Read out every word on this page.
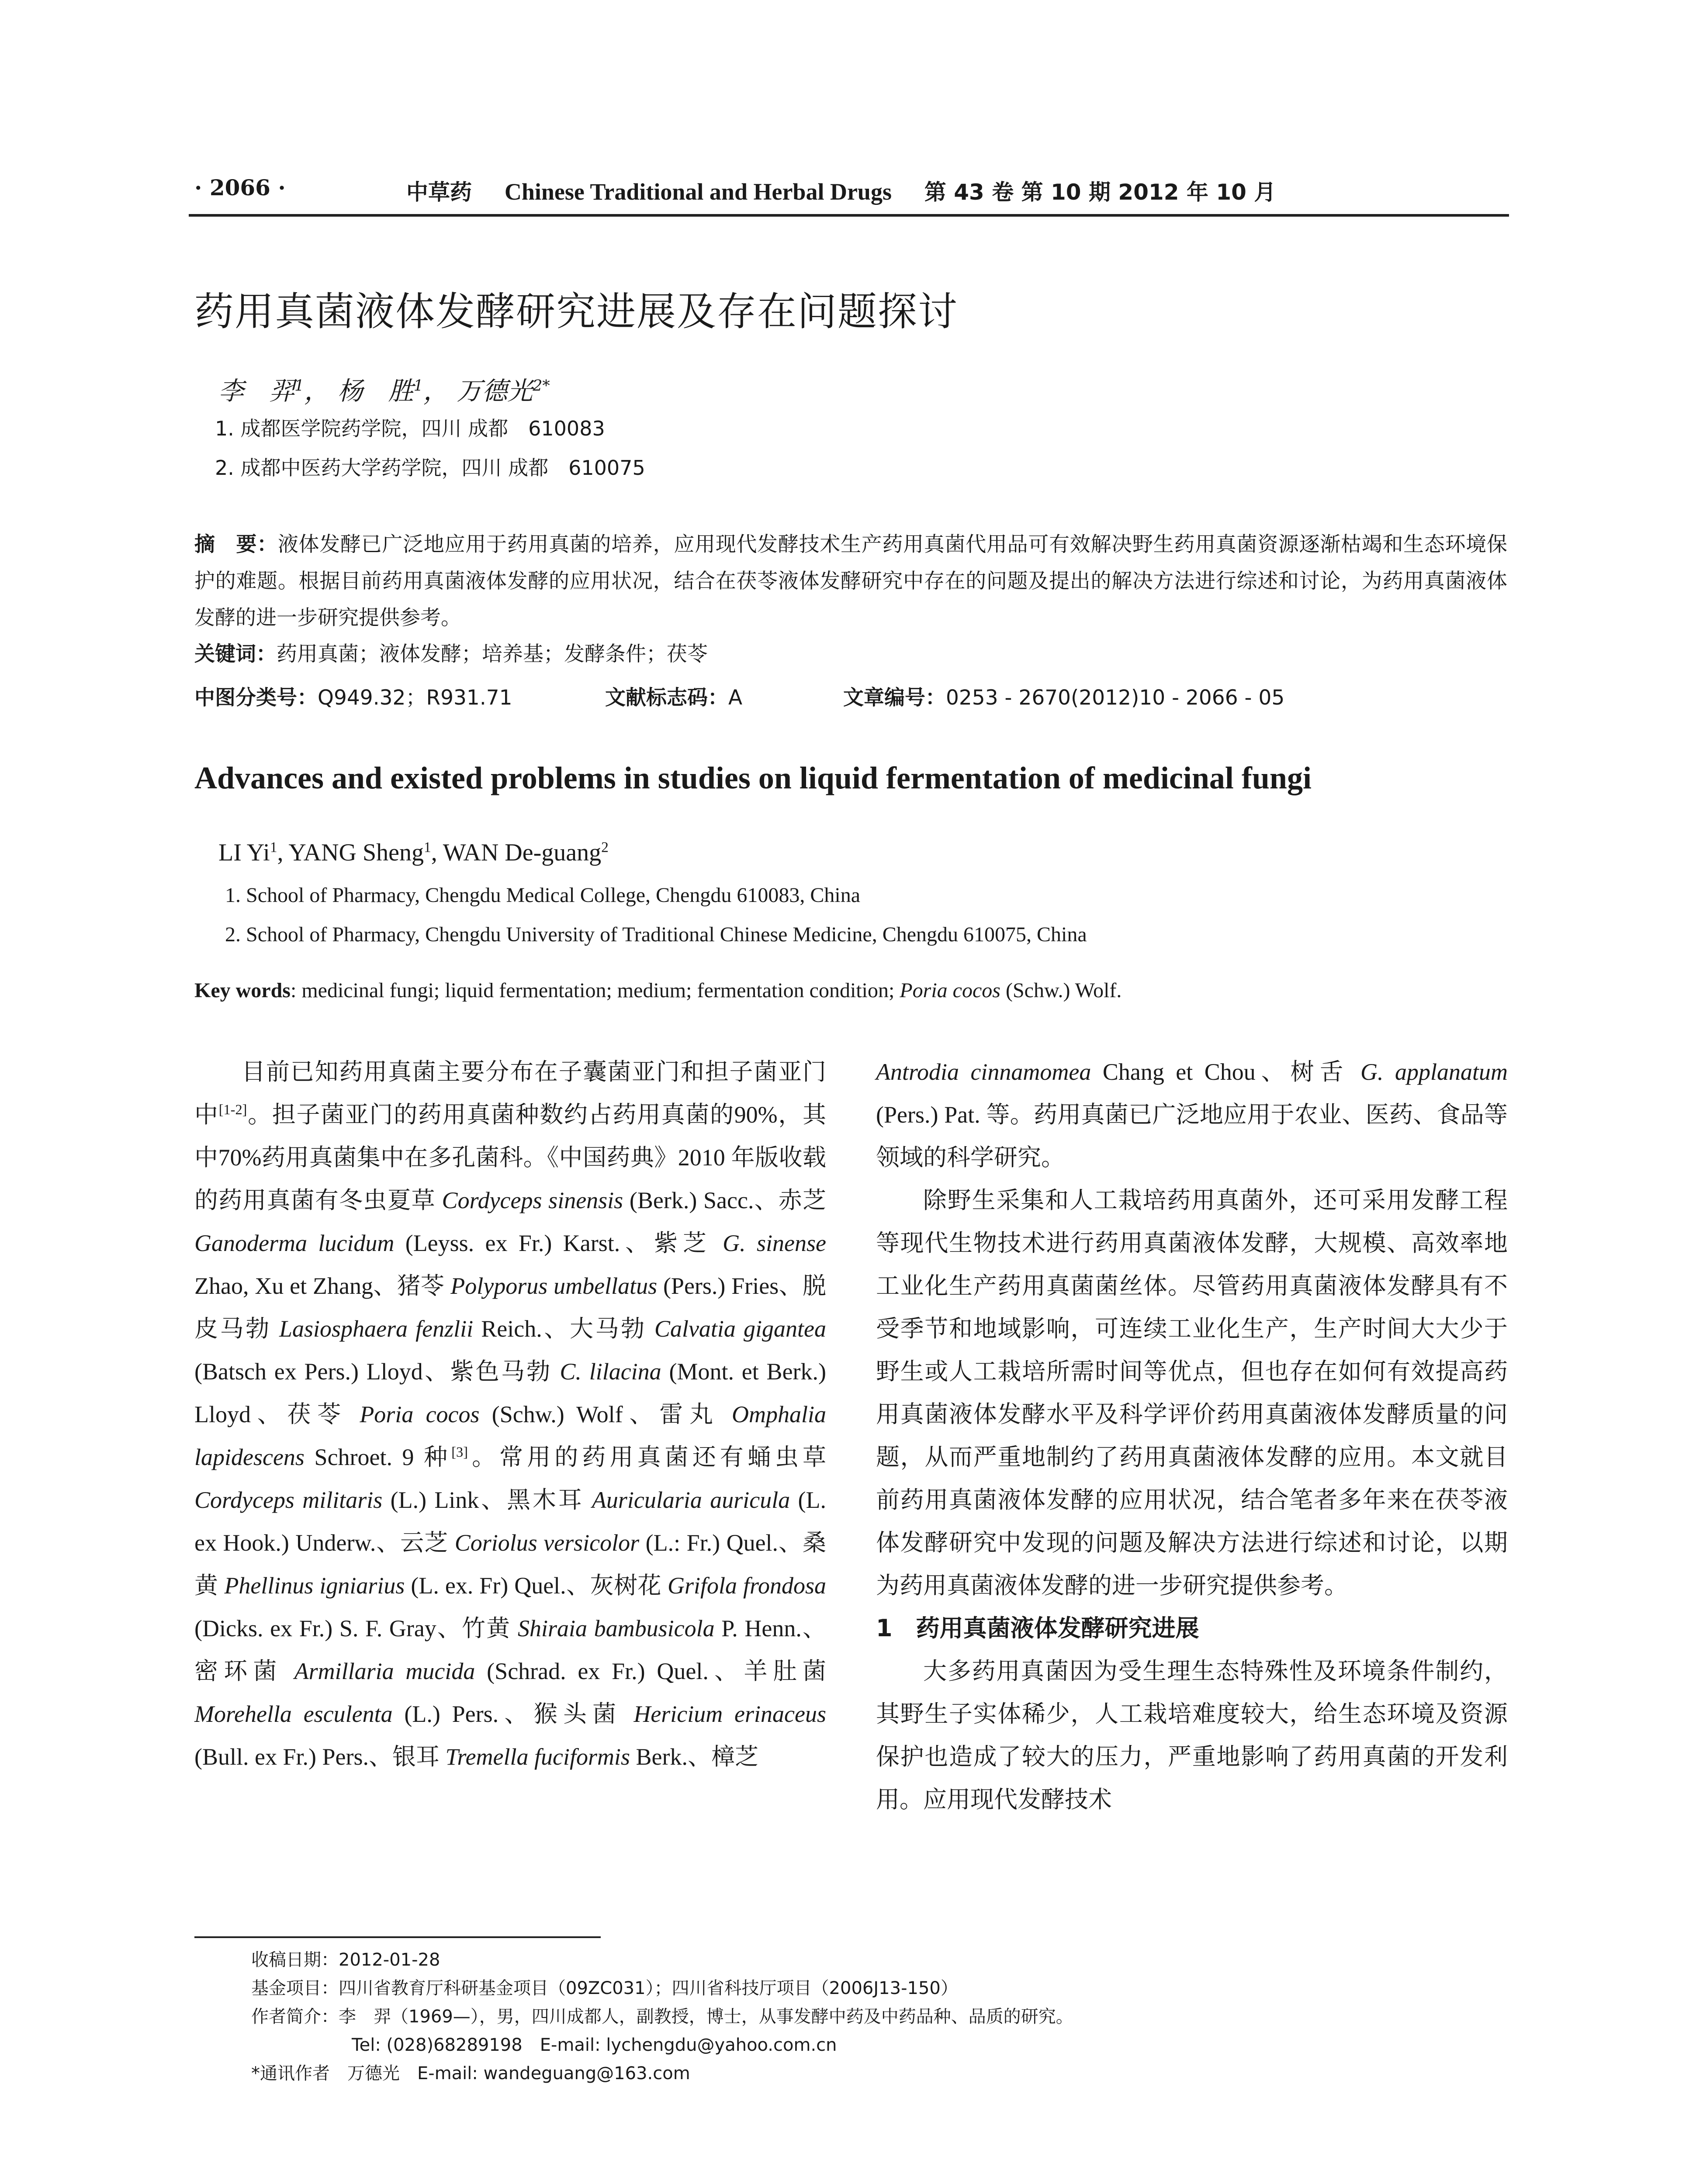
· 2066 ·	中草药 Chinese Traditional and Herbal Drugs 第 43 卷 第 10 期 2012 年 10 月
药用真菌液体发酵研究进展及存在问题探讨
李　羿$^1$， 杨　胜$^1$， 万德光$^{2*}$
1. 成都医学院药学院，四川 成都　610083
2. 成都中医药大学药学院，四川 成都　610075
摘　要：液体发酵已广泛地应用于药用真菌的培养，应用现代发酵技术生产药用真菌代用品可有效解决野生药用真菌资源逐渐枯竭和生态环境保护的难题。根据目前药用真菌液体发酵的应用状况，结合在茯苓液体发酵研究中存在的问题及提出的解决方法进行综述和讨论，为药用真菌液体发酵的进一步研究提供参考。
关键词：药用真菌；液体发酵；培养基；发酵条件；茯苓
中图分类号：Q949.32；R931.71	文献标志码：A	文章编号：0253 - 2670(2012)10 - 2066 - 05
Advances and existed problems in studies on liquid fermentation of medicinal fungi
LI Yi$^1$, YANG Sheng$^1$, WAN De-guang$^2$
1. School of Pharmacy, Chengdu Medical College, Chengdu 610083, China
2. School of Pharmacy, Chengdu University of Traditional Chinese Medicine, Chengdu 610075, China
Key words: medicinal fungi; liquid fermentation; medium; fermentation condition; Poria cocos (Schw.) Wolf.

目前已知药用真菌主要分布在子囊菌亚门和担子菌亚门中[1-2]。担子菌亚门的药用真菌种数约占药用真菌的90%，其中70%药用真菌集中在多孔菌科。《中国药典》2010 年版收载的药用真菌有冬虫夏草 Cordyceps sinensis (Berk.) Sacc.、赤芝 Ganoderma lucidum (Leyss. ex Fr.) Karst.、紫芝 G. sinense Zhao, Xu et Zhang、猪苓 Polyporus umbellatus (Pers.) Fries、脱皮马勃 Lasiosphaera fenzlii Reich.、大马勃 Calvatia gigantea (Batsch ex Pers.) Lloyd、紫色马勃 C. lilacina (Mont. et Berk.) Lloyd、茯苓 Poria cocos (Schw.) Wolf、雷丸 Omphalia lapidescens Schroet. 9 种[3]。常用的药用真菌还有蛹虫草 Cordyceps militaris (L.) Link、黑木耳 Auricularia auricula (L. ex Hook.) Underw.、云芝 Coriolus versicolor (L.: Fr.) Quel.、桑黄 Phellinus igniarius (L. ex. Fr) Quel.、灰树花 Grifola frondosa (Dicks. ex Fr.) S. F. Gray、竹黄 Shiraia bambusicola P. Henn.、密环菌 Armillaria mucida (Schrad. ex Fr.) Quel.、羊肚菌 Morehella esculenta (L.) Pers.、猴头菌 Hericium erinaceus (Bull. ex Fr.) Pers.、银耳 Tremella fuciformis Berk.、樟芝

Antrodia cinnamomea Chang et Chou、树舌 G. applanatum (Pers.) Pat. 等。药用真菌已广泛地应用于农业、医药、食品等领域的科学研究。

除野生采集和人工栽培药用真菌外，还可采用发酵工程等现代生物技术进行药用真菌液体发酵，大规模、高效率地工业化生产药用真菌菌丝体。尽管药用真菌液体发酵具有不受季节和地域影响，可连续工业化生产，生产时间大大少于野生或人工栽培所需时间等优点，但也存在如何有效提高药用真菌液体发酵水平及科学评价药用真菌液体发酵质量的问题，从而严重地制约了药用真菌液体发酵的应用。本文就目前药用真菌液体发酵的应用状况，结合笔者多年来在茯苓液体发酵研究中发现的问题及解决方法进行综述和讨论，以期为药用真菌液体发酵的进一步研究提供参考。

1　药用真菌液体发酵研究进展

大多药用真菌因为受生理生态特殊性及环境条件制约，其野生子实体稀少，人工栽培难度较大，给生态环境及资源保护也造成了较大的压力，严重地影响了药用真菌的开发利用。应用现代发酵技术

收稿日期：2012-01-28
基金项目：四川省教育厅科研基金项目（09ZC031）；四川省科技厅项目（2006J13-150）
作者简介：李　羿（1969—），男，四川成都人，副教授，博士，从事发酵中药及中药品种、品质的研究。
Tel: (028)68289198　E-mail: lychengdu@yahoo.com.cn
*通讯作者　万德光　E-mail: wandeguang@163.com
